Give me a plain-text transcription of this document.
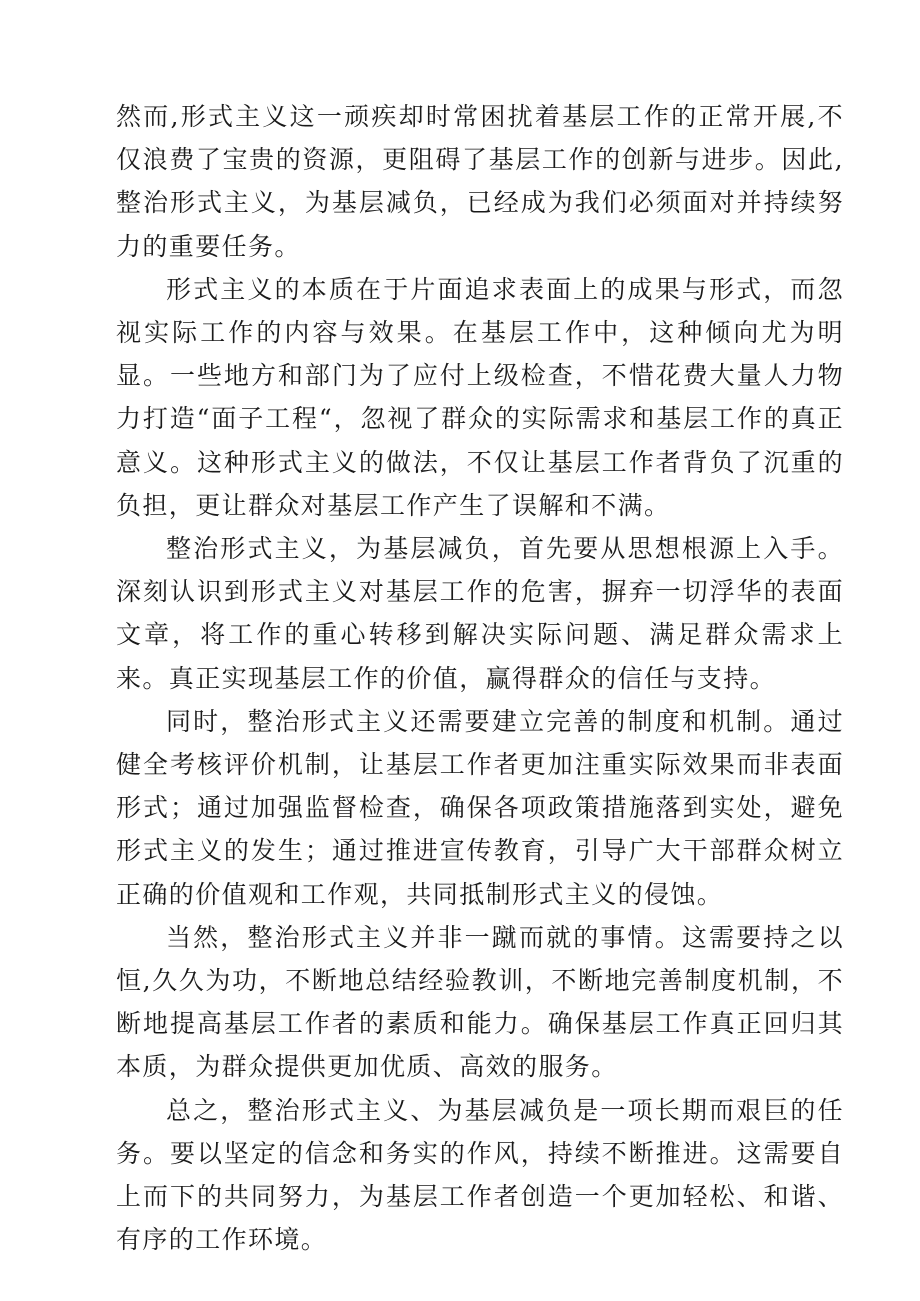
然而,形式主义这一顽疾却时常困扰着基层工作的正常开展,不仅浪费了宝贵的资源，更阻碍了基层工作的创新与进步。因此,整治形式主义，为基层减负，已经成为我们必须面对并持续努力的重要任务。

形式主义的本质在于片面追求表面上的成果与形式，而忽视实际工作的内容与效果。在基层工作中，这种倾向尤为明显。一些地方和部门为了应付上级检查，不惜花费大量人力物力打造“面子工程“，忽视了群众的实际需求和基层工作的真正意义。这种形式主义的做法，不仅让基层工作者背负了沉重的负担，更让群众对基层工作产生了误解和不满。

整治形式主义，为基层减负，首先要从思想根源上入手。深刻认识到形式主义对基层工作的危害，摒弃一切浮华的表面文章，将工作的重心转移到解决实际问题、满足群众需求上来。真正实现基层工作的价值，赢得群众的信任与支持。

同时，整治形式主义还需要建立完善的制度和机制。通过健全考核评价机制，让基层工作者更加注重实际效果而非表面形式；通过加强监督检查，确保各项政策措施落到实处，避免形式主义的发生；通过推进宣传教育，引导广大干部群众树立正确的价值观和工作观，共同抵制形式主义的侵蚀。

当然，整治形式主义并非一蹴而就的事情。这需要持之以恒,久久为功，不断地总结经验教训，不断地完善制度机制，不断地提高基层工作者的素质和能力。确保基层工作真正回归其本质，为群众提供更加优质、高效的服务。

总之，整治形式主义、为基层减负是一项长期而艰巨的任务。要以坚定的信念和务实的作风，持续不断推进。这需要自上而下的共同努力，为基层工作者创造一个更加轻松、和谐、有序的工作环境。
